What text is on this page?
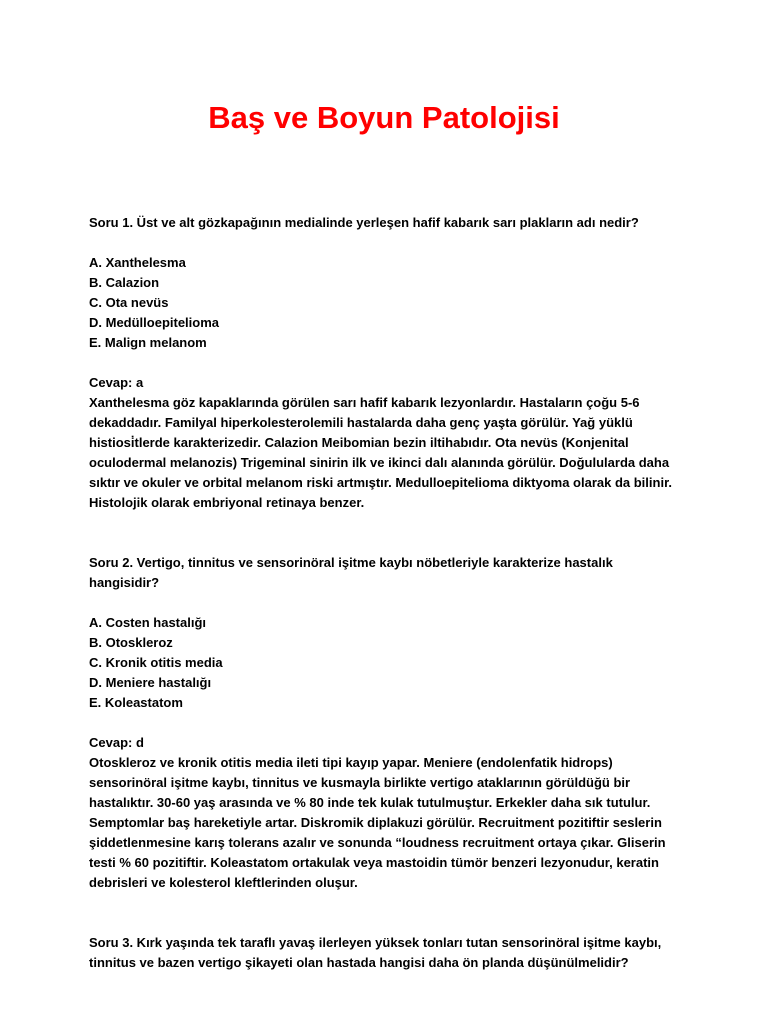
Baş ve Boyun Patolojisi

Soru 1. Üst ve alt gözkapağının medialinde yerleşen hafif kabarık sarı plakların adı nedir?

A. Xanthelesma

B. Calazion

C. Ota nevüs

D. Medülloepitelioma

E. Malign melanom

Cevap: a

Xanthelesma göz kapaklarında görülen sarı hafif kabarık lezyonlardır. Hastaların çoğu 5-6 dekaddadır. Familyal hiperkolesterolemili hastalarda daha genç yaşta görülür. Yağ yüklü histiosi̇tlerde karakterizedir. Calazion Meibomian bezin iltihabıdır. Ota nevüs (Konjenital oculodermal melanozis) Trigeminal sinirin ilk ve ikinci dalı alanında görülür. Doğulularda daha sıktır ve okuler ve orbital melanom riski artmıştır. Medulloepitelioma diktyoma olarak da bilinir. Histolojik olarak embriyonal retinaya benzer.

Soru 2. Vertigo, tinnitus ve sensorinöral işitme kaybı nöbetleriyle karakterize hastalık hangisidir?

A. Costen hastalığı

B. Otoskleroz

C. Kronik otitis media

D. Meniere hastalığı

E. Koleastatom

Cevap: d

Otoskleroz ve kronik otitis media ileti tipi kayıp yapar. Meniere (endolenfatik hidrops) sensorinöral işitme kaybı, tinnitus ve kusmayla birlikte vertigo ataklarının görüldüğü bir hastalıktır. 30-60 yaş arasında ve % 80 inde tek kulak tutulmuştur. Erkekler daha sık tutulur. Semptomlar baş hareketiyle artar. Diskromik diplakuzi görülür. Recruitment pozitiftir seslerin şiddetlenmesine karış tolerans azalır ve sonunda “loudness recruitment ortaya çıkar. Gliserin testi % 60 pozitiftir. Koleastatom ortakulak veya mastoidin tümör benzeri lezyonudur, keratin debrisleri ve kolesterol kleftlerinden oluşur.

Soru 3. Kırk yaşında tek taraflı yavaş ilerleyen yüksek tonları tutan sensorinöral işitme kaybı, tinnitus ve bazen vertigo şikayeti olan hastada hangisi daha ön planda düşünülmelidir?
